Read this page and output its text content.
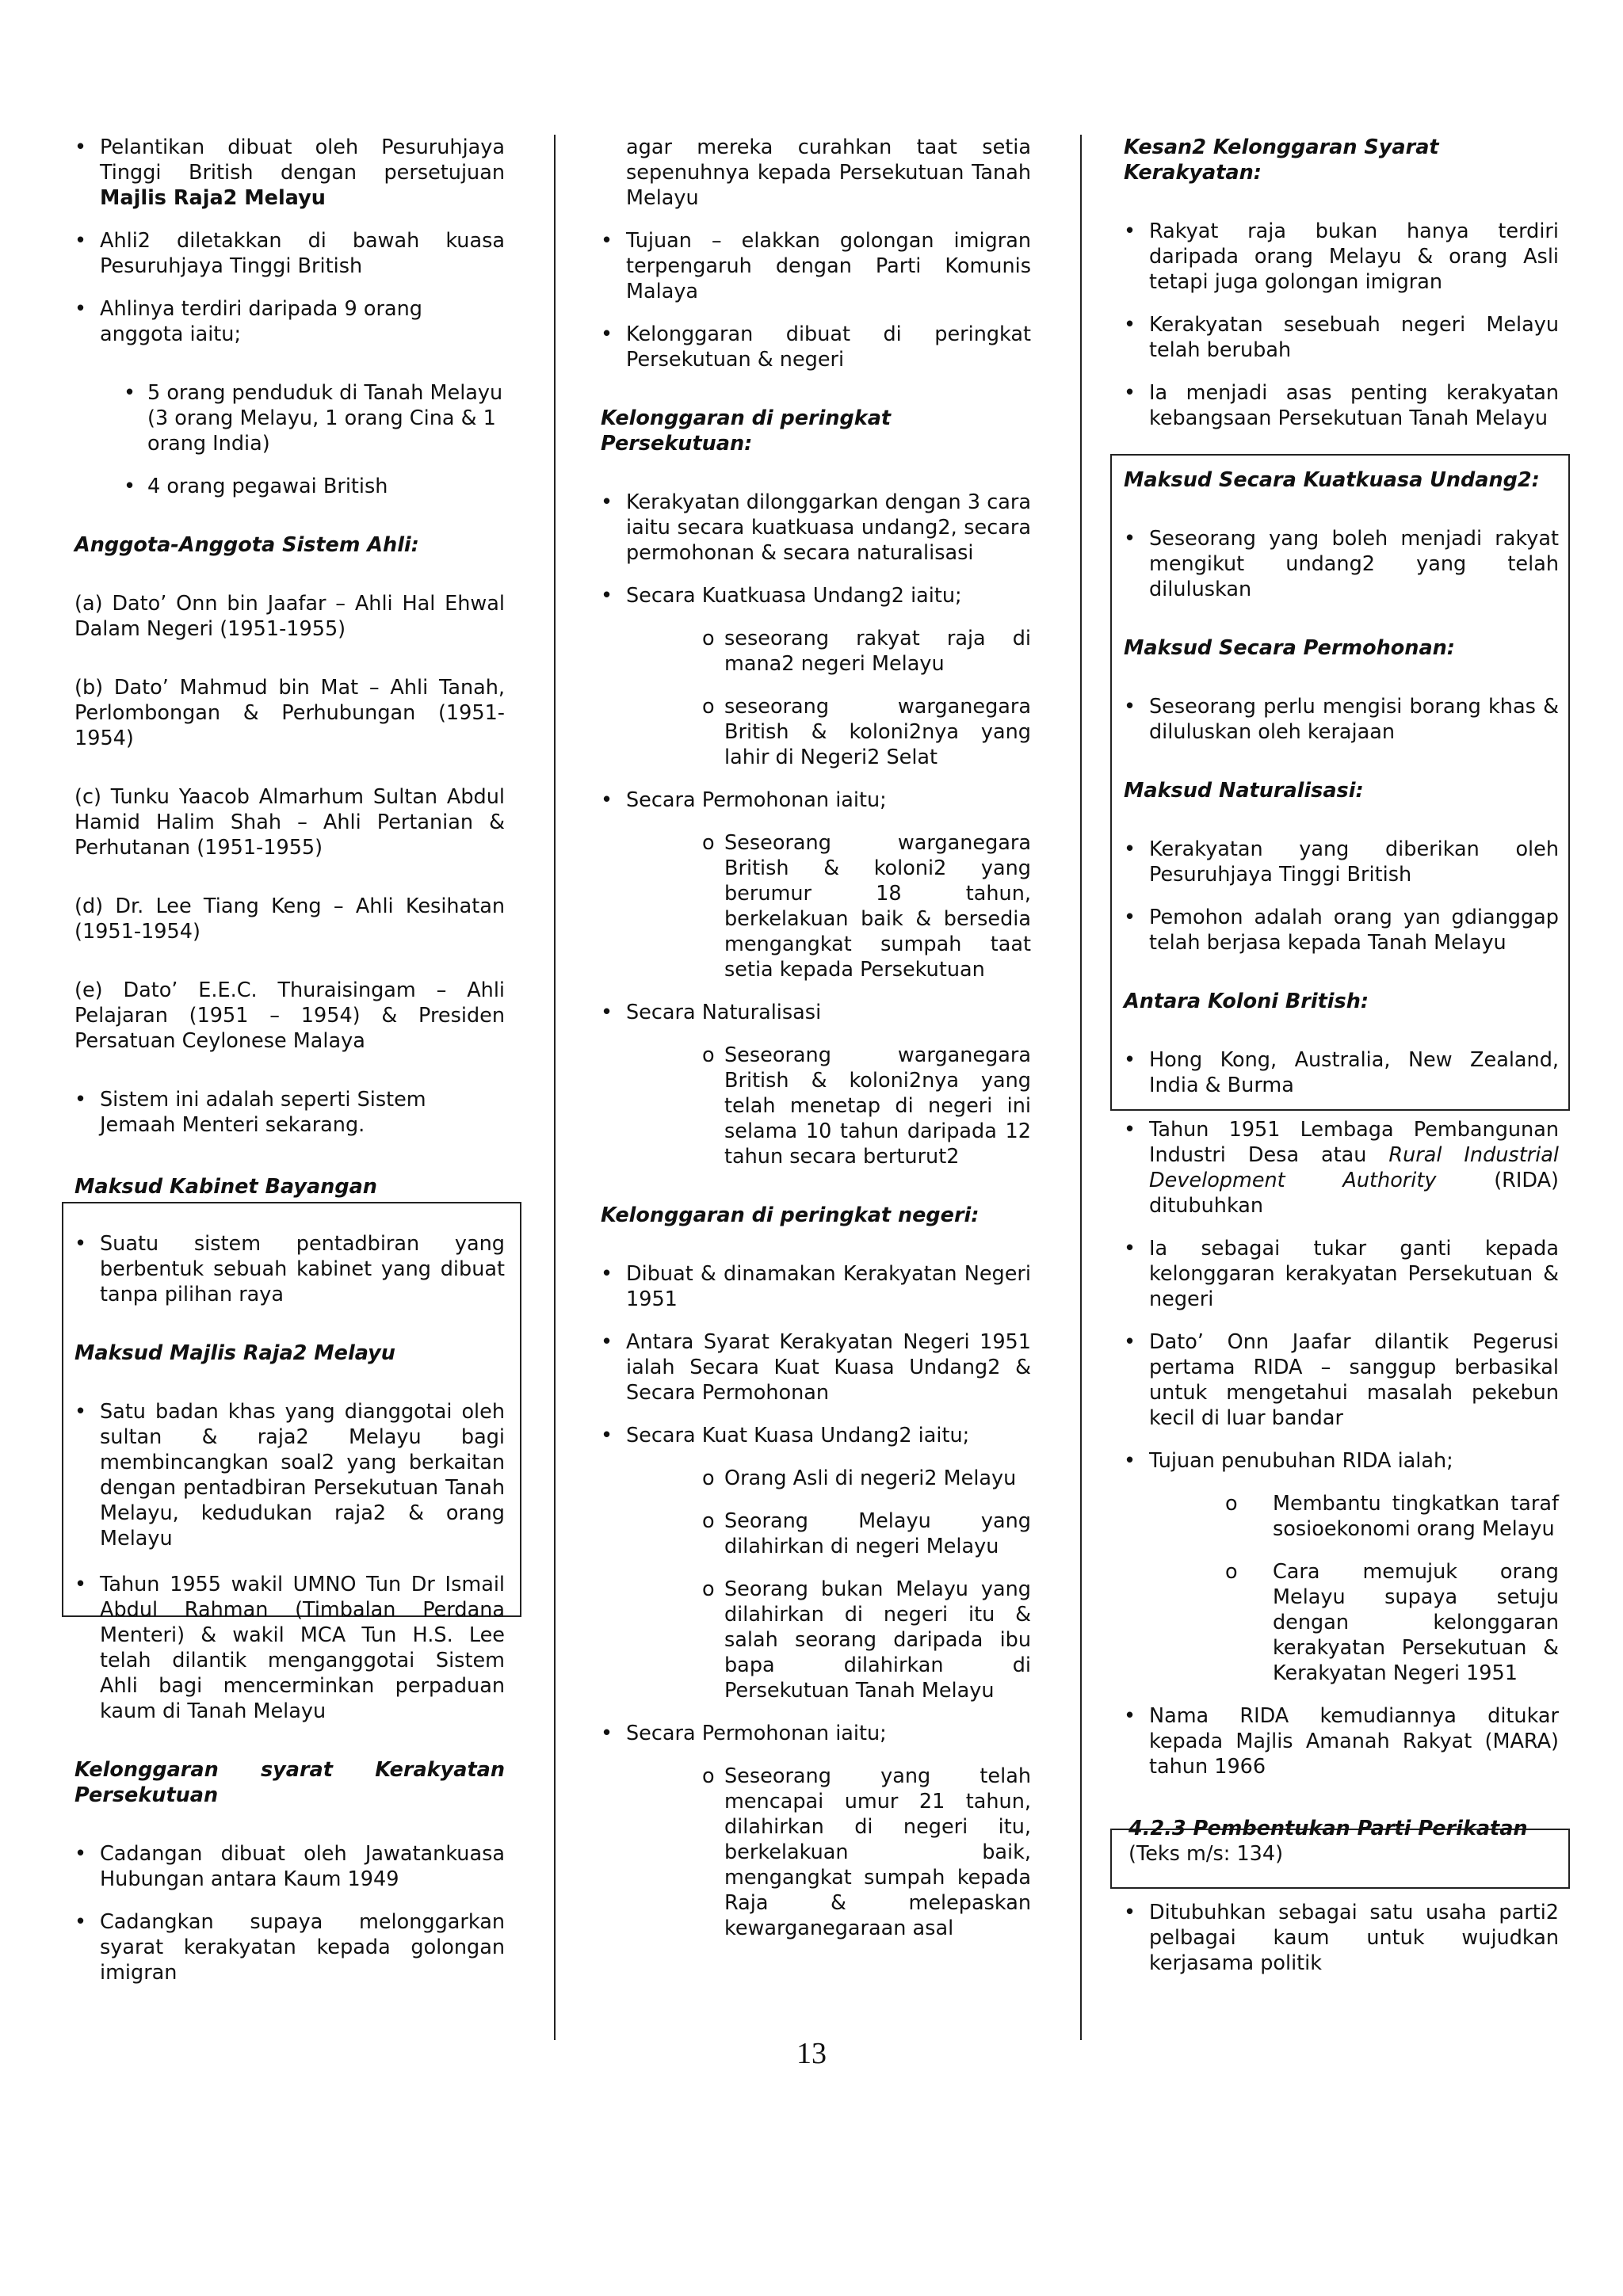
• Pelantikan dibuat oleh Pesuruhjaya Tinggi British dengan persetujuan Majlis Raja2 Melayu

• Ahli2 diletakkan di bawah kuasa Pesuruhjaya Tinggi British

• Ahlinya terdiri daripada 9 orang anggota iaitu;

• 5 orang penduduk di Tanah Melayu (3 orang Melayu, 1 orang Cina & 1 orang India)

• 4 orang pegawai British

Anggota-Anggota Sistem Ahli:

(a) Dato’ Onn bin Jaafar – Ahli Hal Ehwal Dalam Negeri (1951-1955)

(b) Dato’ Mahmud bin Mat – Ahli Tanah, Perlombongan & Perhubungan (1951-1954)

(c) Tunku Yaacob Almarhum Sultan Abdul Hamid Halim Shah – Ahli Pertanian & Perhutanan (1951-1955)

(d) Dr. Lee Tiang Keng – Ahli Kesihatan (1951-1954)

(e) Dato’ E.E.C. Thuraisingam – Ahli Pelajaran (1951 – 1954) & Presiden Persatuan Ceylonese Malaya

• Sistem ini adalah seperti Sistem Jemaah Menteri sekarang.

Maksud Kabinet Bayangan

• Suatu sistem pentadbiran yang berbentuk sebuah kabinet yang dibuat tanpa pilihan raya

Maksud Majlis Raja2 Melayu

• Satu badan khas yang dianggotai oleh sultan & raja2 Melayu bagi membincangkan soal2 yang berkaitan dengan pentadbiran Persekutuan Tanah Melayu, kedudukan raja2 & orang Melayu

• Tahun 1955 wakil UMNO Tun Dr Ismail Abdul Rahman (Timbalan Perdana Menteri) & wakil MCA Tun H.S. Lee telah dilantik menganggotai Sistem Ahli bagi mencerminkan perpaduan kaum di Tanah Melayu

Kelonggaran syarat Kerakyatan Persekutuan

• Cadangan dibuat oleh Jawatankuasa Hubungan antara Kaum 1949

• Cadangkan supaya melonggarkan syarat kerakyatan kepada golongan imigran

agar mereka curahkan taat setia sepenuhnya kepada Persekutuan Tanah Melayu

• Tujuan – elakkan golongan imigran terpengaruh dengan Parti Komunis Malaya

• Kelonggaran dibuat di peringkat Persekutuan & negeri

Kelonggaran di peringkat Persekutuan:

• Kerakyatan dilonggarkan dengan 3 cara iaitu secara kuatkuasa undang2, secara permohonan & secara naturalisasi

• Secara Kuatkuasa Undang2 iaitu;

o seseorang rakyat raja di mana2 negeri Melayu

o seseorang warganegara British & koloni2nya yang lahir di Negeri2 Selat

• Secara Permohonan iaitu;

o Seseorang warganegara British & koloni2 yang berumur 18 tahun, berkelakuan baik & bersedia mengangkat sumpah taat setia kepada Persekutuan

• Secara Naturalisasi

o Seseorang warganegara British & koloni2nya yang telah menetap di negeri ini selama 10 tahun daripada 12 tahun secara berturut2

Kelonggaran di peringkat negeri:

• Dibuat & dinamakan Kerakyatan Negeri 1951

• Antara Syarat Kerakyatan Negeri 1951 ialah Secara Kuat Kuasa Undang2 & Secara Permohonan

• Secara Kuat Kuasa Undang2 iaitu;

o Orang Asli di negeri2 Melayu

o Seorang Melayu yang dilahirkan di negeri Melayu

o Seorang bukan Melayu yang dilahirkan di negeri itu & salah seorang daripada ibu bapa dilahirkan di Persekutuan Tanah Melayu

• Secara Permohonan iaitu;

o Seseorang yang telah mencapai umur 21 tahun, dilahirkan di negeri itu, berkelakuan baik, mengangkat sumpah kepada Raja & melepaskan kewarganegaraan asal

Kesan2 Kelonggaran Syarat Kerakyatan:

• Rakyat raja bukan hanya terdiri daripada orang Melayu & orang Asli tetapi juga golongan imigran

• Kerakyatan sesebuah negeri Melayu telah berubah

• Ia menjadi asas penting kerakyatan kebangsaan Persekutuan Tanah Melayu

Maksud Secara Kuatkuasa Undang2:

• Seseorang yang boleh menjadi rakyat mengikut undang2 yang telah diluluskan

Maksud Secara Permohonan:

• Seseorang perlu mengisi borang khas & diluluskan oleh kerajaan

Maksud Naturalisasi:

• Kerakyatan yang diberikan oleh Pesuruhjaya Tinggi British

• Pemohon adalah orang yan gdianggap telah berjasa kepada Tanah Melayu

Antara Koloni British:

• Hong Kong, Australia, New Zealand, India & Burma

• Tahun 1951 Lembaga Pembangunan Industri Desa atau Rural Industrial Development Authority (RIDA) ditubuhkan

• Ia sebagai tukar ganti kepada kelonggaran kerakyatan Persekutuan & negeri

• Dato’ Onn Jaafar dilantik Pegerusi pertama RIDA – sanggup berbasikal untuk mengetahui masalah pekebun kecil di luar bandar

• Tujuan penubuhan RIDA ialah;

o Membantu tingkatkan taraf sosioekonomi orang Melayu

o Cara memujuk orang Melayu supaya setuju dengan kelonggaran kerakyatan Persekutuan & Kerakyatan Negeri 1951

• Nama RIDA kemudiannya ditukar kepada Majlis Amanah Rakyat (MARA) tahun 1966

4.2.3 Pembentukan Parti Perikatan (Teks m/s: 134)

• Ditubuhkan sebagai satu usaha parti2 pelbagai kaum untuk wujudkan kerjasama politik

13
